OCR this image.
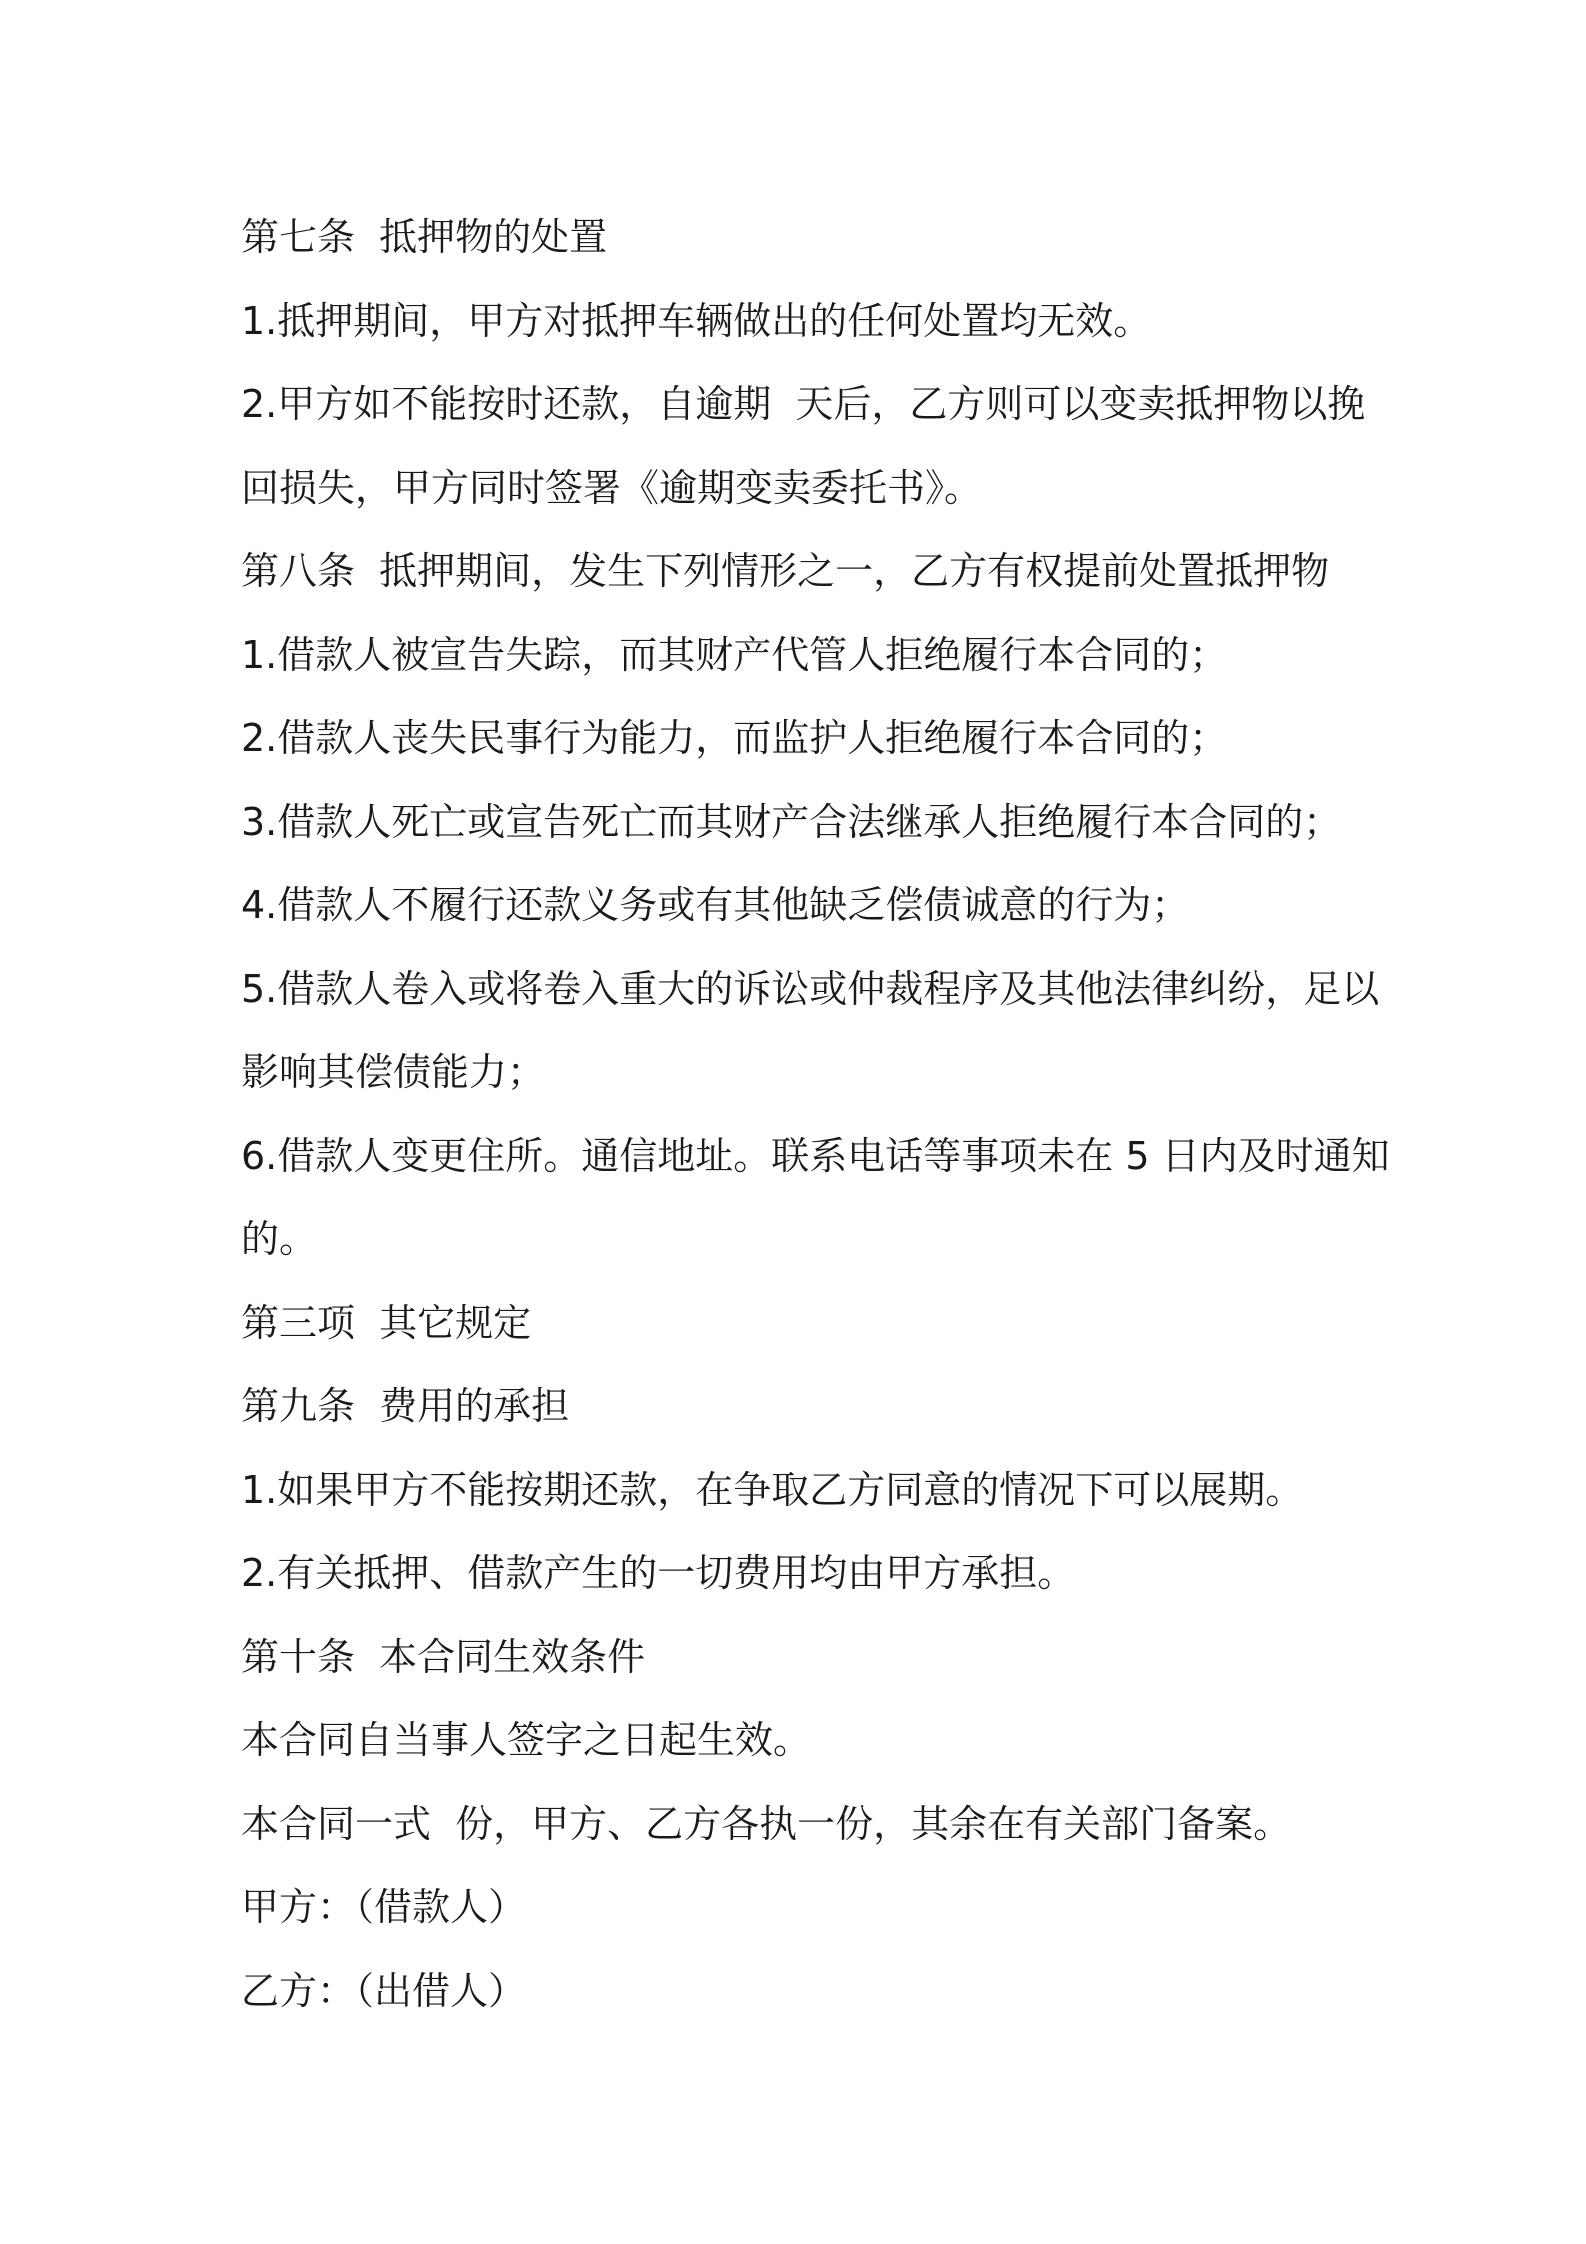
第七条  抵押物的处置
1.抵押期间，甲方对抵押车辆做出的任何处置均无效。
2.甲方如不能按时还款，自逾期  天后，乙方则可以变卖抵押物以挽
回损失，甲方同时签署《逾期变卖委托书》。
第八条  抵押期间，发生下列情形之一，乙方有权提前处置抵押物
1.借款人被宣告失踪，而其财产代管人拒绝履行本合同的；
2.借款人丧失民事行为能力，而监护人拒绝履行本合同的；
3.借款人死亡或宣告死亡而其财产合法继承人拒绝履行本合同的；
4.借款人不履行还款义务或有其他缺乏偿债诚意的行为；
5.借款人卷入或将卷入重大的诉讼或仲裁程序及其他法律纠纷，足以
影响其偿债能力；
6.借款人变更住所。通信地址。联系电话等事项未在 5 日内及时通知
的。
第三项  其它规定
第九条  费用的承担
1.如果甲方不能按期还款，在争取乙方同意的情况下可以展期。
2.有关抵押、借款产生的一切费用均由甲方承担。
第十条  本合同生效条件
本合同自当事人签字之日起生效。
本合同一式  份，甲方、乙方各执一份，其余在有关部门备案。
甲方：（借款人）
乙方：（出借人）
